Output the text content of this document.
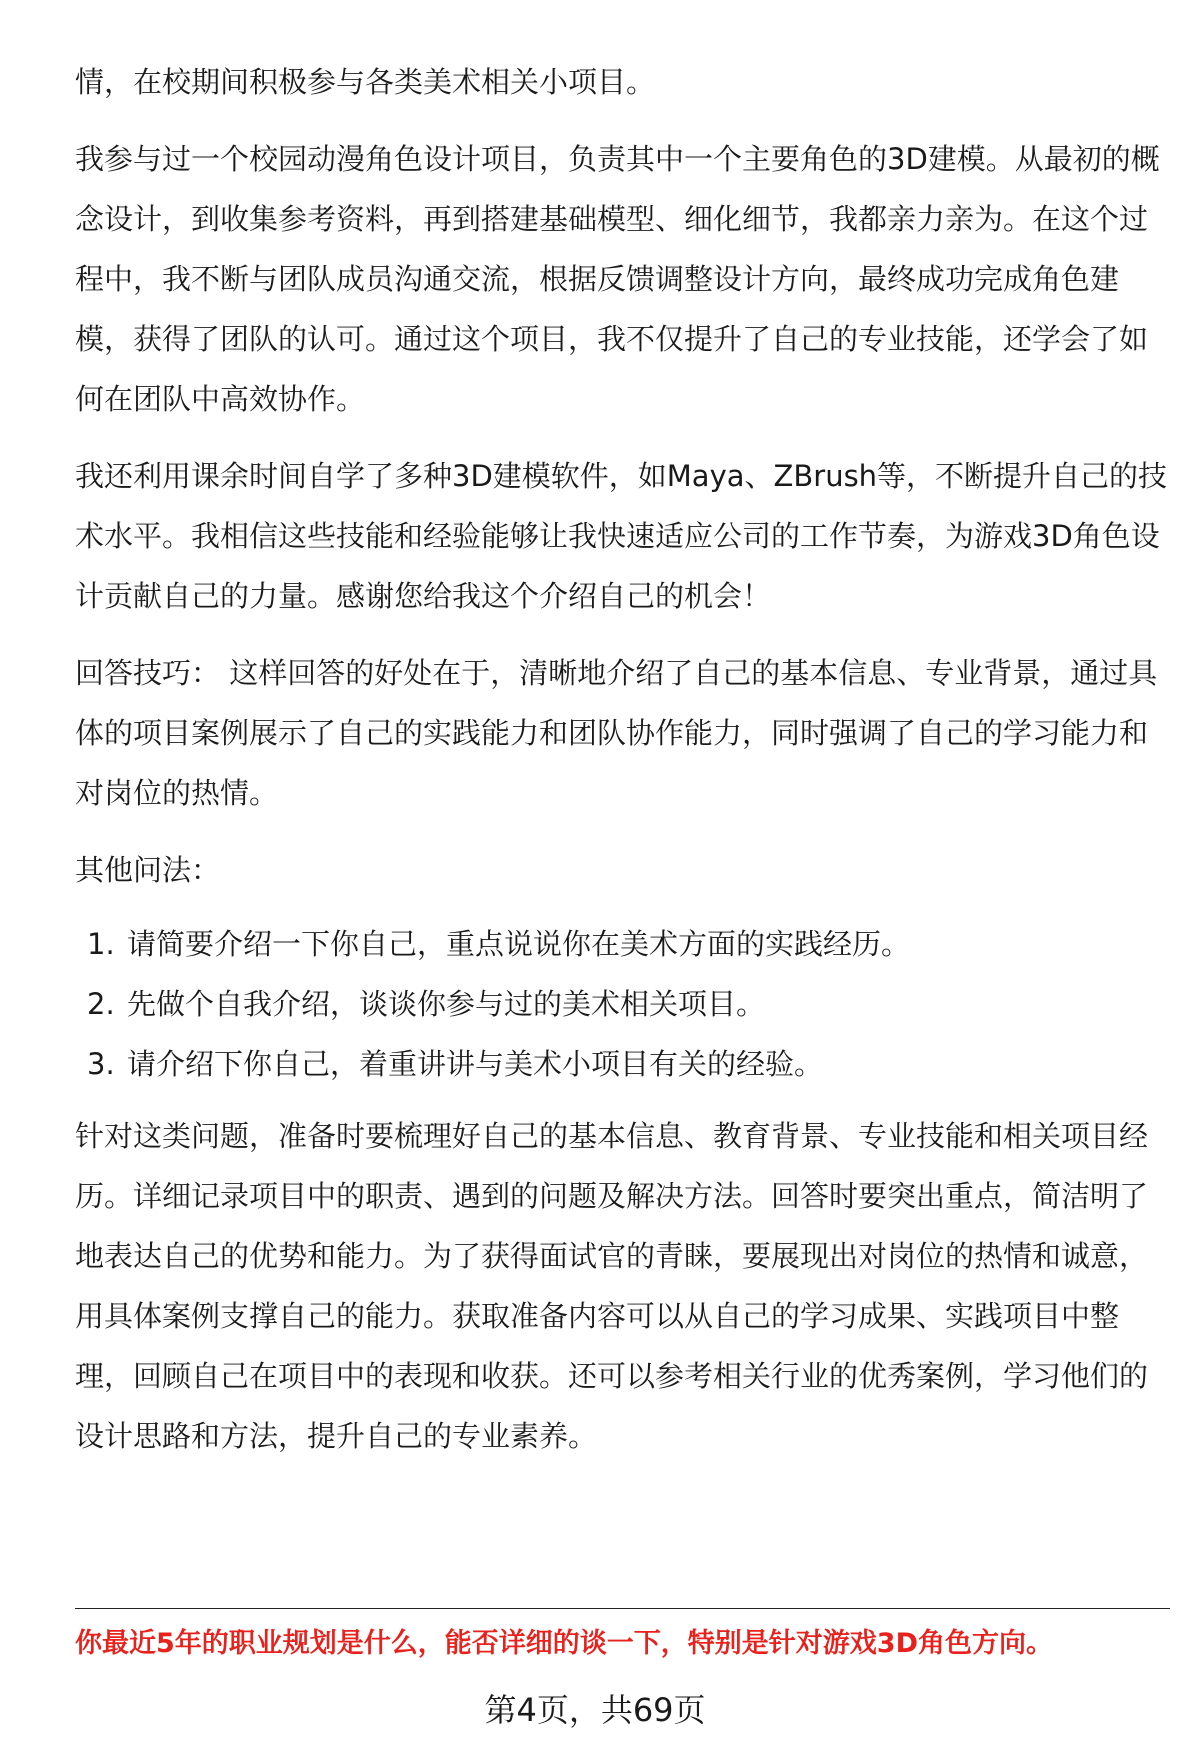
情，在校期间积极参与各类美术相关小项目。

我参与过一个校园动漫角色设计项目，负责其中一个主要角色的3D建模。从最初的概念设计，到收集参考资料，再到搭建基础模型、细化细节，我都亲力亲为。在这个过程中，我不断与团队成员沟通交流，根据反馈调整设计方向，最终成功完成角色建模，获得了团队的认可。通过这个项目，我不仅提升了自己的专业技能，还学会了如何在团队中高效协作。

我还利用课余时间自学了多种3D建模软件，如Maya、ZBrush等，不断提升自己的技术水平。我相信这些技能和经验能够让我快速适应公司的工作节奏，为游戏3D角色设计贡献自己的力量。感谢您给我这个介绍自己的机会！

回答技巧： 这样回答的好处在于，清晰地介绍了自己的基本信息、专业背景，通过具体的项目案例展示了自己的实践能力和团队协作能力，同时强调了自己的学习能力和对岗位的热情。

其他问法：

1. 请简要介绍一下你自己，重点说说你在美术方面的实践经历。
2. 先做个自我介绍，谈谈你参与过的美术相关项目。
3. 请介绍下你自己，着重讲讲与美术小项目有关的经验。

针对这类问题，准备时要梳理好自己的基本信息、教育背景、专业技能和相关项目经历。详细记录项目中的职责、遇到的问题及解决方法。回答时要突出重点，简洁明了地表达自己的优势和能力。为了获得面试官的青睐，要展现出对岗位的热情和诚意，用具体案例支撑自己的能力。获取准备内容可以从自己的学习成果、实践项目中整理，回顾自己在项目中的表现和收获。还可以参考相关行业的优秀案例，学习他们的设计思路和方法，提升自己的专业素养。

你最近5年的职业规划是什么，能否详细的谈一下，特别是针对游戏3D角色方向。
第4页，共69页
